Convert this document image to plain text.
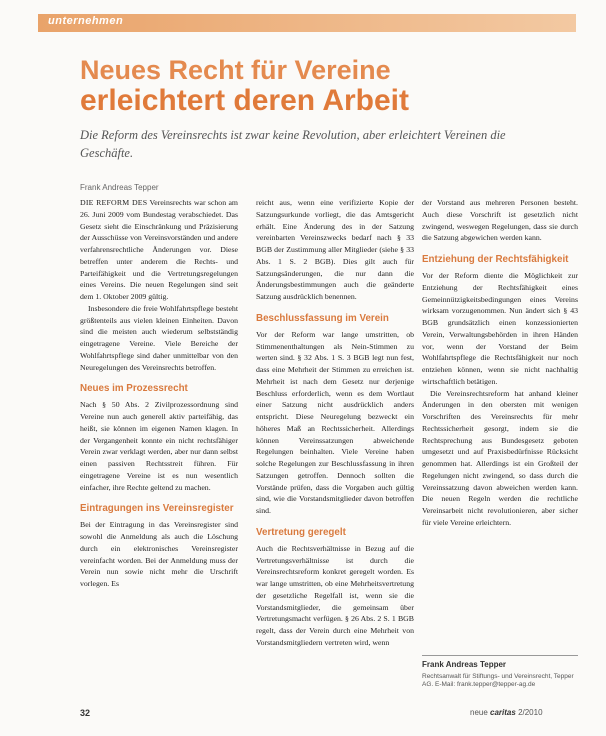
unternehmen
Neues Recht für Vereine
erleichtert deren Arbeit
Die Reform des Vereinsrechts ist zwar keine Revolution, aber erleichtert Vereinen die Geschäfte.
Frank Andreas Tepper

DIE REFORM DES Vereinsrechts war schon am 26. Juni 2009 vom Bundestag verabschiedet. Das Gesetz sieht die Einschränkung und Präzisierung der Ausschüsse von Vereinsvorständen und andere verfahrensrechtliche Änderungen vor. Diese betreffen unter anderem die Rechts- und Parteifähigkeit und die Vertretungsregelungen eines Vereins. Die neuen Regelungen sind seit dem 1. Oktober 2009 gültig.

Insbesondere die freie Wohlfahrtspflege besteht größtenteils aus vielen kleinen Einheiten. Davon sind die meisten auch wiederum selbstständig eingetragene Vereine. Viele Bereiche der Wohlfahrtspflege sind daher unmittelbar von den Neuregelungen des Vereinsrechts betroffen.

Neues im Prozessrecht

Nach § 50 Abs. 2 Zivilprozessordnung sind Vereine nun auch generell aktiv parteifähig, das heißt, sie können im eigenen Namen klagen. In der Vergangenheit konnte ein nicht rechtsfähiger Verein zwar verklagt werden, aber nur dann selbst einen passiven Rechtsstreit führen. Für eingetragene Vereine ist es nun wesentlich einfacher, ihre Rechte geltend zu machen.

Eintragungen ins Vereinsregister

Bei der Eintragung in das Vereinsregister sind sowohl die Anmeldung als auch die Löschung durch ein elektronisches Vereinsregister vereinfacht worden. Bei der Anmeldung muss der Verein nun sowie nicht mehr die Urschrift vorlegen. Es

reicht aus, wenn eine verifizierte Kopie der Satzungsurkunde vorliegt, die das Amtsgericht erhält. Eine Änderung des in der Satzung vereinbarten Vereinszwecks bedarf nach § 33 BGB der Zustimmung aller Mitglieder (siehe § 33 Abs. 1 S. 2 BGB). Dies gilt auch für Satzungsänderungen, die nur dann die Änderungsbestimmungen auch die geänderte Satzung ausdrücklich benennen.

Beschlussfassung im Verein

Vor der Reform war lange umstritten, ob Stimmenenthaltungen als Nein-Stimmen zu werten sind. § 32 Abs. 1 S. 3 BGB legt nun fest, dass eine Mehrheit der Stimmen zu erreichen ist. Mehrheit ist nach dem Gesetz nur derjenige Beschluss erforderlich, wenn es dem Wortlaut einer Satzung nicht ausdrücklich anders entspricht. Diese Neuregelung bezweckt ein höheres Maß an Rechtssicherheit. Allerdings können Vereinssatzungen abweichende Regelungen beinhalten. Viele Vereine haben solche Regelungen zur Beschlussfassung in ihren Satzungen getroffen. Dennoch sollten die Vorstände prüfen, dass die Vorgaben auch gültig sind, wie die Vorstandsmitglieder davon betroffen sind.

Vertretung geregelt

Auch die Rechtsverhältnisse in Bezug auf die Vertretungsverhältnisse ist durch die Vereinsrechtsreform konkret geregelt worden. Es war lange umstritten, ob eine Mehrheitsvertretung der gesetzliche Regelfall ist, wenn sie die Vorstandsmitglieder, die gemeinsam über Vertretungsmacht verfügen. § 26 Abs. 2 S. 1 BGB regelt, dass der Verein durch eine Mehrheit von Vorstandsmitgliedern vertreten wird, wenn

der Vorstand aus mehreren Personen besteht. Auch diese Vorschrift ist gesetzlich nicht zwingend, weswegen Regelungen, dass sie durch die Satzung abgewichen werden kann.

Entziehung der Rechtsfähigkeit

Vor der Reform diente die Möglichkeit zur Entziehung der Rechtsfähigkeit eines Gemeinnützigkeitsbedingungen eines Vereins wirksam vorzugenommen. Nun ändert sich § 43 BGB grundsätzlich einen konzessionierten Verein, Verwaltungsbehörden in ihren Händen vor, wenn der Vorstand der Beim Wohlfahrtspflege die Rechtsfähigkeit nur noch entziehen können, wenn sie nicht nachhaltig wirtschaftlich betätigen.

Die Vereinsrechtsreform hat anhand kleiner Änderungen in den obersten mit wenigen Vorschriften des Vereinsrechts für mehr Rechtssicherheit gesorgt, indem sie die Rechtsprechung aus Bundesgesetz geboten umgesetzt und auf Praxisbedürfnisse Rücksicht genommen hat. Allerdings ist ein Großteil der Regelungen nicht zwingend, so dass durch die Vereinssatzung davon abweichen werden kann. Die neuen Regeln werden die rechtliche Vereinsarbeit nicht revolutionieren, aber sicher für viele Vereine erleichtern.

Frank Andreas Tepper
Rechtsanwalt für Stiftungs- und Vereinsrecht, Tepper AG. E-Mail: frank.tepper@tepper-ag.de
32	neue caritas 2/2010
